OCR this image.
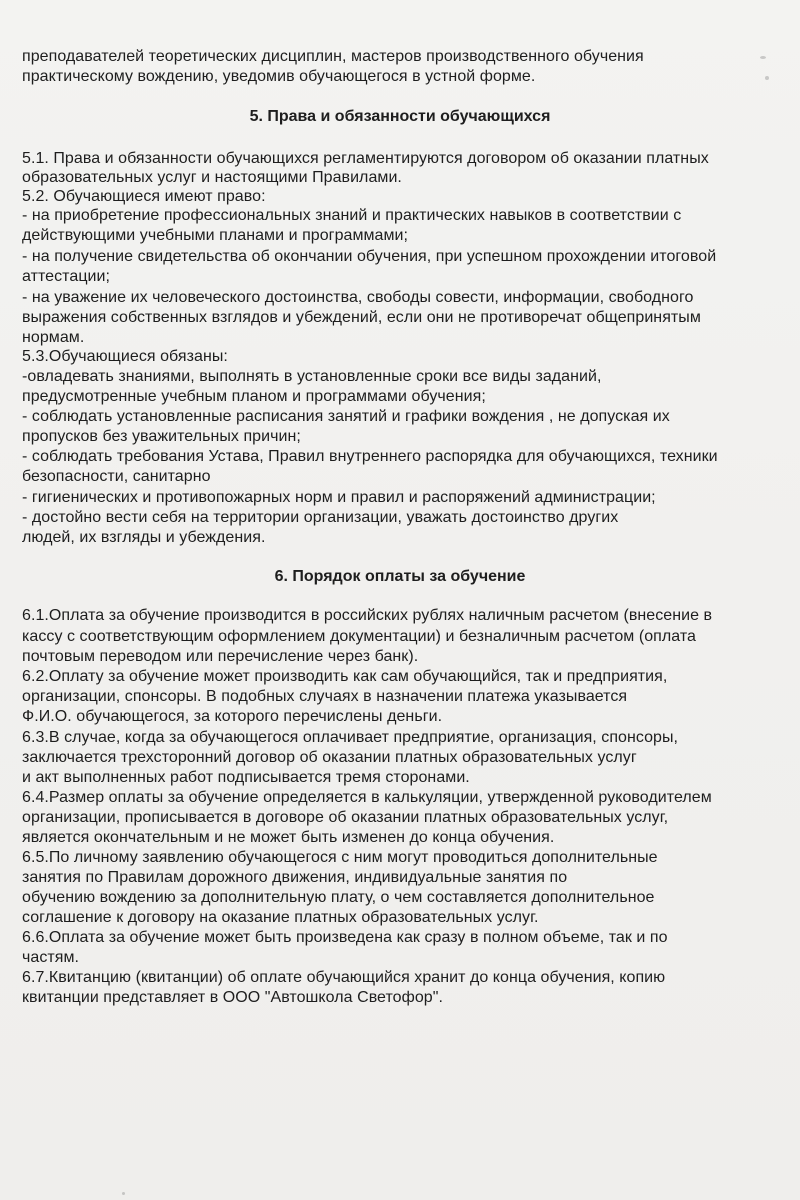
преподавателей теоретических дисциплин, мастеров производственного обучения
практическому вождению, уведомив обучающегося в устной форме.
5. Права и обязанности обучающихся
5.1. Права и обязанности обучающихся регламентируются договором об оказании платных
образовательных услуг и настоящими Правилами.
5.2. Обучающиеся имеют право:
- на приобретение профессиональных знаний и практических навыков в соответствии с
действующими учебными планами и программами;
- на получение свидетельства об окончании обучения, при успешном прохождении итоговой
аттестации;
- на уважение их человеческого достоинства, свободы совести, информации, свободного
выражения собственных взглядов и убеждений, если они не противоречат общепринятым
нормам.
5.3.Обучающиеся обязаны:
-овладевать знаниями, выполнять в установленные сроки все виды заданий,
предусмотренные учебным планом и программами обучения;
- соблюдать установленные расписания занятий и графики вождения , не допуская их
пропусков без уважительных причин;
- соблюдать требования Устава, Правил внутреннего распорядка для обучающихся, техники
безопасности, санитарно
- гигиенических и противопожарных норм и правил и распоряжений администрации;
- достойно вести себя на территории организации, уважать достоинство других
людей, их взгляды и убеждения.
6. Порядок оплаты за обучение
6.1.Оплата за обучение производится в российских рублях наличным расчетом (внесение в
кассу с соответствующим оформлением документации) и безналичным расчетом (оплата
почтовым переводом или перечисление через банк).
6.2.Оплату за обучение может производить как сам обучающийся, так и предприятия,
организации, спонсоры. В подобных случаях в назначении платежа указывается
Ф.И.О. обучающегося, за которого перечислены деньги.
6.3.В случае, когда за обучающегося оплачивает предприятие, организация, спонсоры,
заключается трехсторонний договор об оказании платных образовательных услуг
и акт выполненных работ подписывается тремя сторонами.
6.4.Размер оплаты за обучение определяется в калькуляции, утвержденной руководителем
организации, прописывается в договоре об оказании платных образовательных услуг,
является окончательным и не может быть изменен до конца обучения.
6.5.По личному заявлению обучающегося с ним могут проводиться дополнительные
занятия по Правилам дорожного движения, индивидуальные занятия по
обучению вождению за дополнительную плату, о чем составляется дополнительное
соглашение к договору на оказание платных образовательных услуг.
6.6.Оплата за обучение может быть произведена как сразу в полном объеме, так и по
частям.
6.7.Квитанцию (квитанции) об оплате обучающийся хранит до конца обучения, копию
квитанции представляет в ООО "Автошкола Светофор".
